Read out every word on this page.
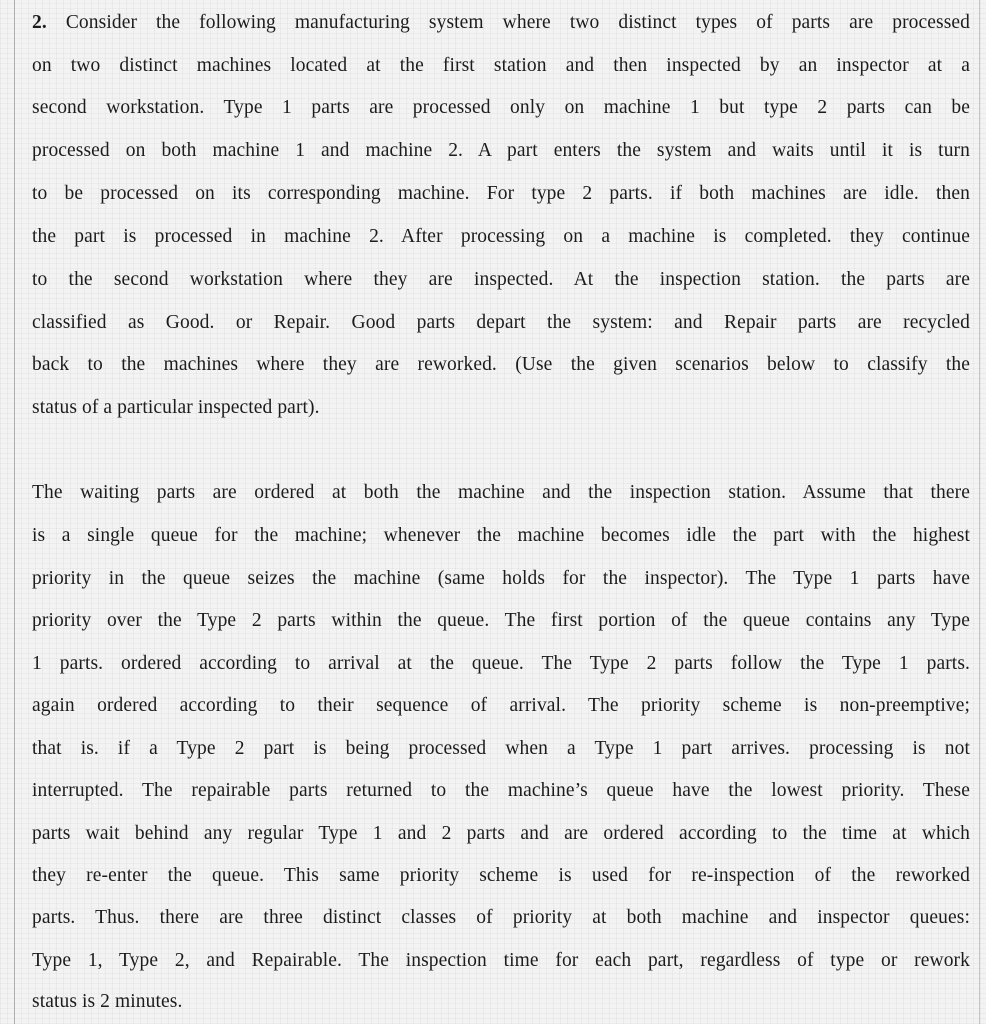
2. Consider the following manufacturing system where two distinct types of parts are processed
on two distinct machines located at the first station and then inspected by an inspector at a
second workstation. Type 1 parts are processed only on machine 1 but type 2 parts can be
processed on both machine 1 and machine 2. A part enters the system and waits until it is turn
to be processed on its corresponding machine. For type 2 parts. if both machines are idle. then
the part is processed in machine 2. After processing on a machine is completed. they continue
to the second workstation where they are inspected. At the inspection station. the parts are
classified as Good. or Repair. Good parts depart the system: and Repair parts are recycled
back to the machines where they are reworked. (Use the given scenarios below to classify the
status of a particular inspected part).
The waiting parts are ordered at both the machine and the inspection station. Assume that there
is a single queue for the machine; whenever the machine becomes idle the part with the highest
priority in the queue seizes the machine (same holds for the inspector). The Type 1 parts have
priority over the Type 2 parts within the queue. The first portion of the queue contains any Type
1 parts. ordered according to arrival at the queue. The Type 2 parts follow the Type 1 parts.
again ordered according to their sequence of arrival. The priority scheme is non-preemptive;
that is. if a Type 2 part is being processed when a Type 1 part arrives. processing is not
interrupted. The repairable parts returned to the machine’s queue have the lowest priority. These
parts wait behind any regular Type 1 and 2 parts and are ordered according to the time at which
they re-enter the queue. This same priority scheme is used for re-inspection of the reworked
parts. Thus. there are three distinct classes of priority at both machine and inspector queues:
Type 1, Type 2, and Repairable. The inspection time for each part, regardless of type or rework
status is 2 minutes.
